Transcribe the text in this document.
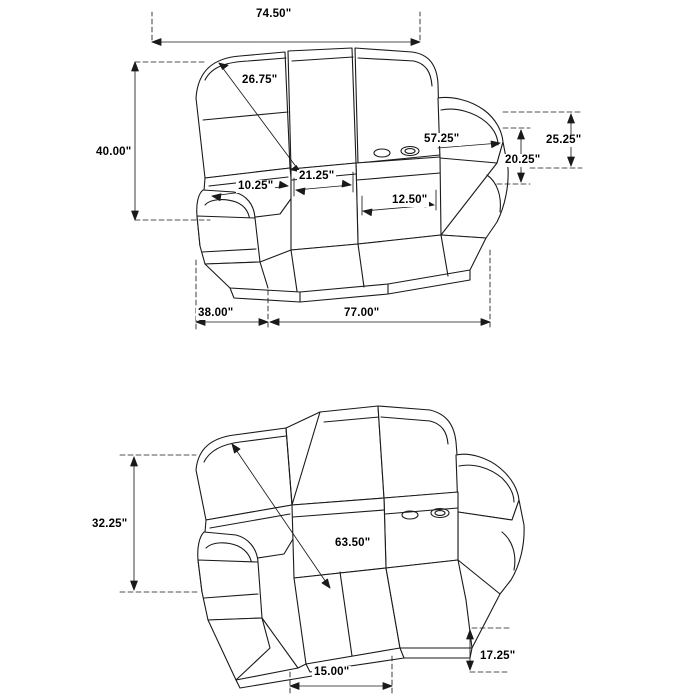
74.50"
26.75"
40.00"
10.25"
21.25"
12.50"
57.25"
20.25"
25.25"
38.00"	77.00"
32.25"
63.50"
15.00"
17.25"
